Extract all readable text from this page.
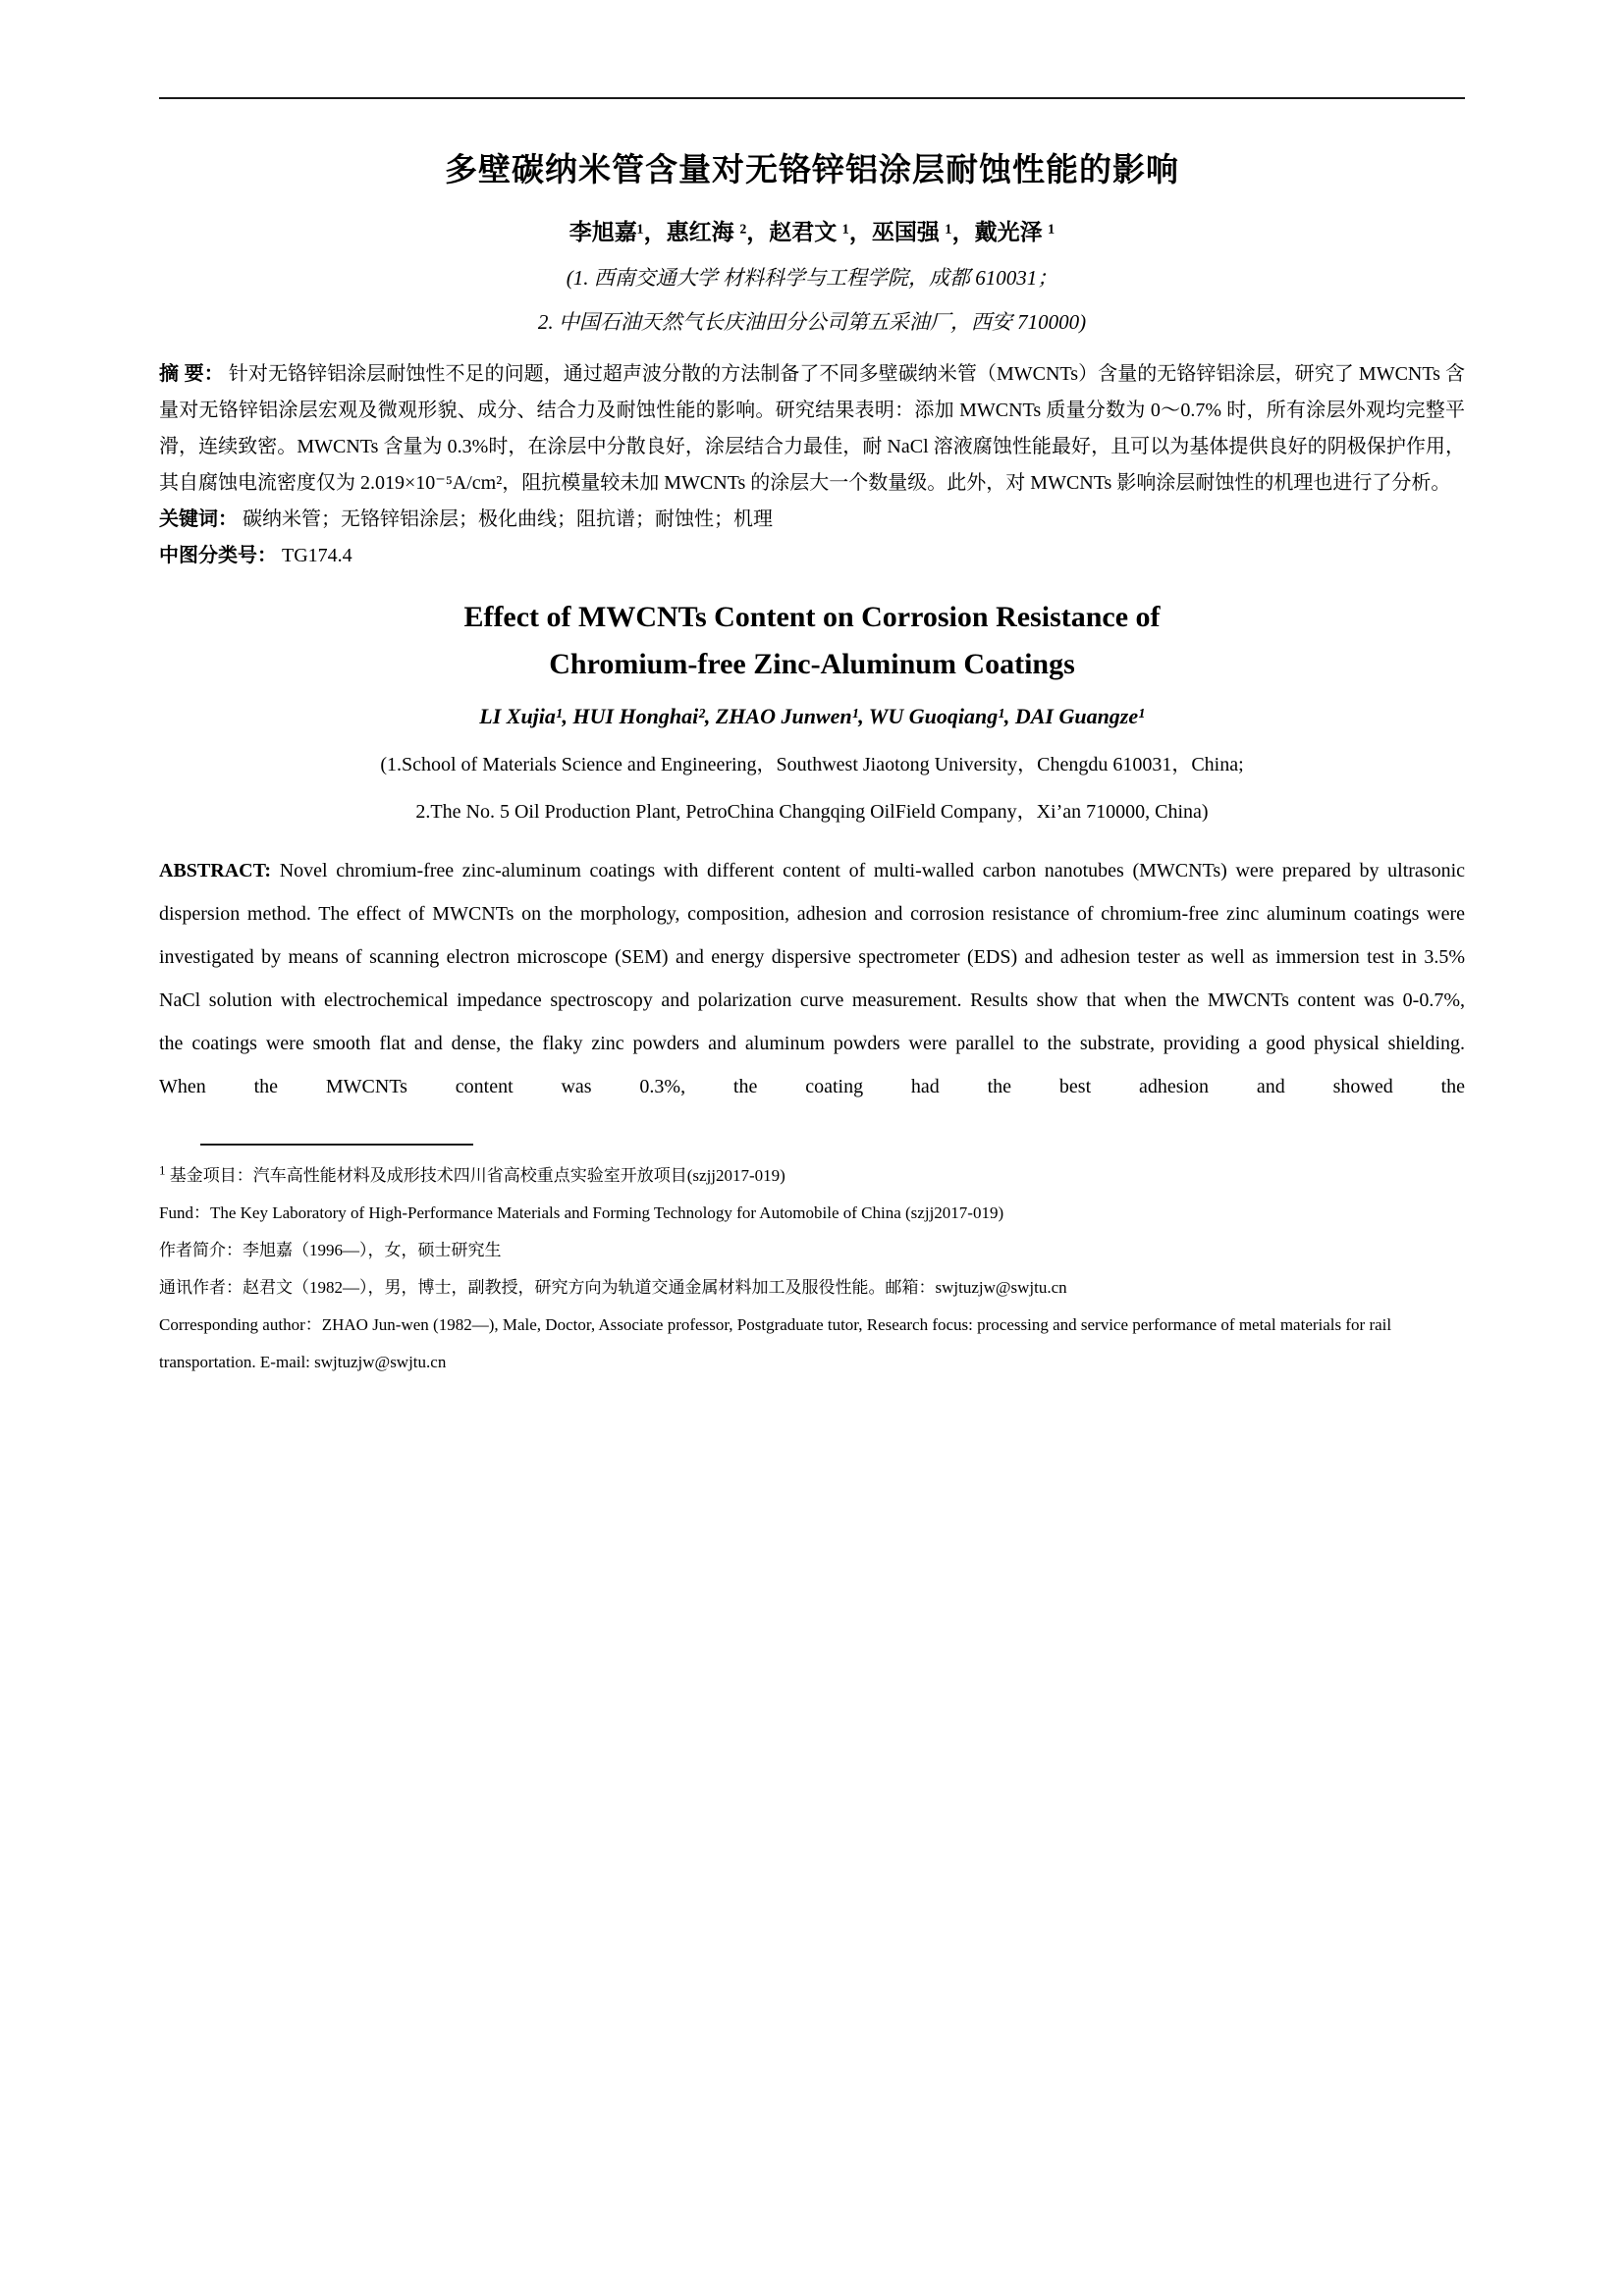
多壁碳纳米管含量对无铬锌铝涂层耐蚀性能的影响
李旭嘉¹，惠红海 ²，赵君文 ¹，巫国强 ¹，戴光泽 ¹
(1. 西南交通大学 材料科学与工程学院，成都 610031；
2. 中国石油天然气长庆油田分公司第五采油厂，西安 710000)

摘 要： 针对无铬锌铝涂层耐蚀性不足的问题，通过超声波分散的方法制备了不同多壁碳纳米管（MWCNTs）含量的无铬锌铝涂层，研究了 MWCNTs 含量对无铬锌铝涂层宏观及微观形貌、成分、结合力及耐蚀性能的影响。研究结果表明：添加 MWCNTs 质量分数为 0～0.7% 时，所有涂层外观均完整平滑，连续致密。MWCNTs 含量为 0.3%时，在涂层中分散良好，涂层结合力最佳，耐 NaCl 溶液腐蚀性能最好，且可以为基体提供良好的阴极保护作用，其自腐蚀电流密度仅为 2.019×10⁻⁵A/cm²，阻抗模量较未加 MWCNTs 的涂层大一个数量级。此外，对 MWCNTs 影响涂层耐蚀性的机理也进行了分析。

关键词： 碳纳米管；无铬锌铝涂层；极化曲线；阻抗谱；耐蚀性；机理

中图分类号： TG174.4

Effect of MWCNTs Content on Corrosion Resistance of
Chromium-free Zinc-Aluminum Coatings
LI Xujia¹, HUI Honghai², ZHAO Junwen¹, WU Guoqiang¹, DAI Guangze¹
(1.School of Materials Science and Engineering，Southwest Jiaotong University，Chengdu 610031，China;
2.The No. 5 Oil Production Plant, PetroChina Changqing OilField Company，Xi’an 710000, China)

ABSTRACT: Novel chromium-free zinc-aluminum coatings with different content of multi-walled carbon nanotubes (MWCNTs) were prepared by ultrasonic dispersion method. The effect of MWCNTs on the morphology, composition, adhesion and corrosion resistance of chromium-free zinc aluminum coatings were investigated by means of scanning electron microscope (SEM) and energy dispersive spectrometer (EDS) and adhesion tester as well as immersion test in 3.5% NaCl solution with electrochemical impedance spectroscopy and polarization curve measurement. Results show that when the MWCNTs content was 0-0.7%, the coatings were smooth flat and dense, the flaky zinc powders and aluminum powders were parallel to the substrate, providing a good physical shielding. When the MWCNTs content was 0.3%, the coating had the best adhesion and showed the

$^1$ 基金项目：汽车高性能材料及成形技术四川省高校重点实验室开放项目(szjj2017-019)

Fund：The Key Laboratory of High-Performance Materials and Forming Technology for Automobile of China (szjj2017-019)

作者简介：李旭嘉（1996—），女，硕士研究生

通讯作者：赵君文（1982—），男，博士，副教授，研究方向为轨道交通金属材料加工及服役性能。邮箱：swjtuzjw@swjtu.cn

Corresponding author：ZHAO Jun-wen (1982—), Male, Doctor, Associate professor, Postgraduate tutor, Research focus: processing and service performance of metal materials for rail transportation. E-mail: swjtuzjw@swjtu.cn
